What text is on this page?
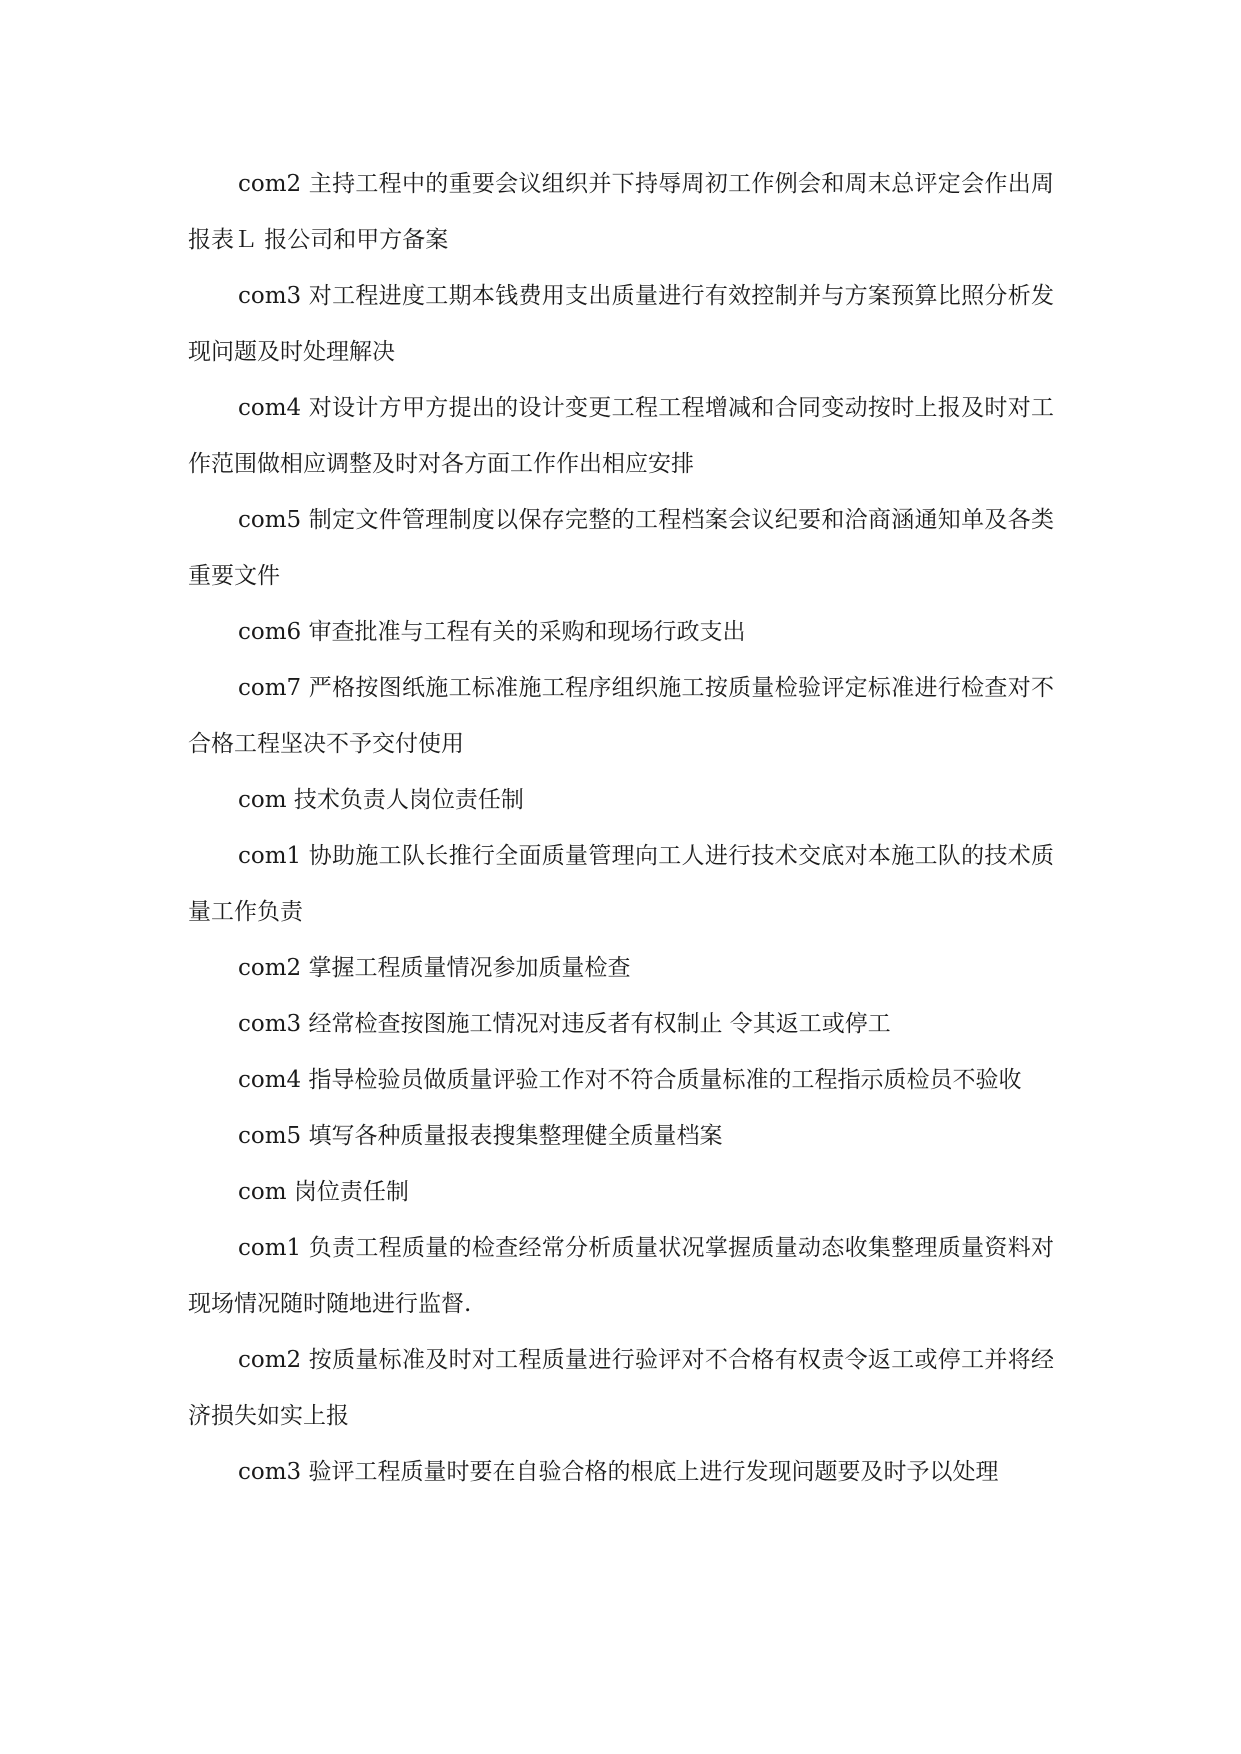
com2 主持工程中的重要会议组织并下持辱周初工作例会和周末总评定会作出周报表Ｌ 报公司和甲方备案

com3 对工程进度工期本钱费用支出质量进行有效控制并与方案预算比照分析发现问题及时处理解决

com4 对设计方甲方提出的设计变更工程工程增减和合同变动按时上报及时对工作范围做相应调整及时对各方面工作作出相应安排

com5 制定文件管理制度以保存完整的工程档案会议纪要和洽商涵通知单及各类重要文件

com6 审查批准与工程有关的采购和现场行政支出

com7 严格按图纸施工标准施工程序组织施工按质量检验评定标准进行检查对不合格工程坚决不予交付使用

com 技术负责人岗位责任制

com1 协助施工队长推行全面质量管理向工人进行技术交底对本施工队的技术质量工作负责

com2 掌握工程质量情况参加质量检查

com3 经常检查按图施工情况对违反者有权制止 令其返工或停工

com4 指导检验员做质量评验工作对不符合质量标准的工程指示质检员不验收

com5 填写各种质量报表搜集整理健全质量档案

com 岗位责任制

com1 负责工程质量的检查经常分析质量状况掌握质量动态收集整理质量资料对现场情况随时随地进行监督.

com2 按质量标准及时对工程质量进行验评对不合格有权责令返工或停工并将经济损失如实上报

com3 验评工程质量时要在自验合格的根底上进行发现问题要及时予以处理
